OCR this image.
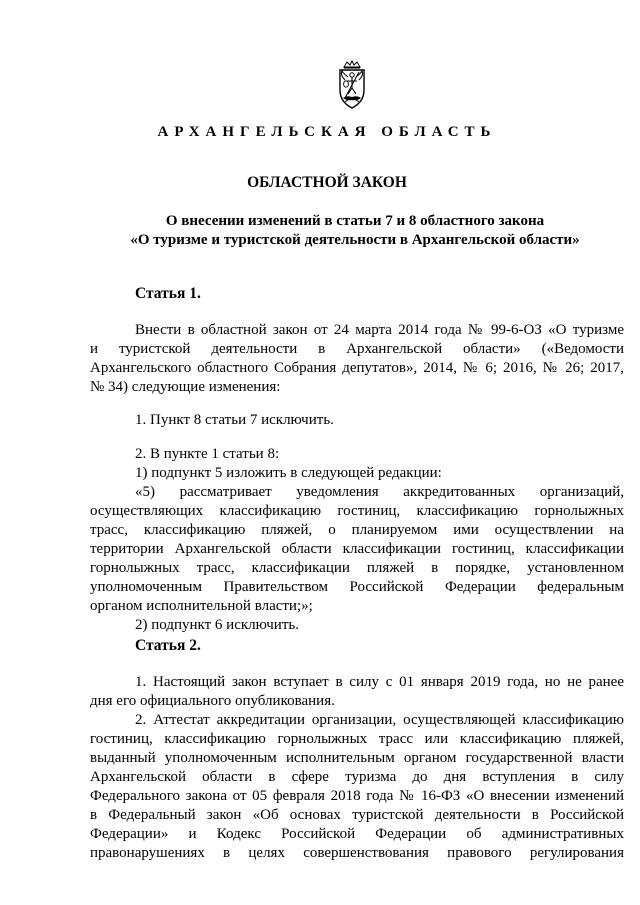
АРХАНГЕЛЬСКАЯ ОБЛАСТЬ
ОБЛАСТНОЙ ЗАКОН
О внесении изменений в статьи 7 и 8 областного закона
«О туризме и туристской деятельности в Архангельской области»
Статья 1.
Внести в областной закон от 24 марта 2014 года № 99-6-ОЗ «О туризме
и туристской деятельности в Архангельской области» («Ведомости
Архангельского областного Собрания депутатов», 2014, № 6; 2016, № 26; 2017,
№ 34) следующие изменения:
1. Пункт 8 статьи 7 исключить.
2. В пункте 1 статьи 8:
1) подпункт 5 изложить в следующей редакции:
«5) рассматривает уведомления аккредитованных организаций,
осуществляющих классификацию гостиниц, классификацию горнолыжных
трасс, классификацию пляжей, о планируемом ими осуществлении на
территории Архангельской области классификации гостиниц, классификации
горнолыжных трасс, классификации пляжей в порядке, установленном
уполномоченным Правительством Российской Федерации федеральным
органом исполнительной власти;»;
2) подпункт 6 исключить.
Статья 2.
1. Настоящий закон вступает в силу с 01 января 2019 года, но не ранее
дня его официального опубликования.
2. Аттестат аккредитации организации, осуществляющей классификацию
гостиниц, классификацию горнолыжных трасс или классификацию пляжей,
выданный уполномоченным исполнительным органом государственной власти
Архангельской области в сфере туризма до дня вступления в силу
Федерального закона от 05 февраля 2018 года № 16-ФЗ «О внесении изменений
в Федеральный закон «Об основах туристской деятельности в Российской
Федерации» и Кодекс Российской Федерации об административных
правонарушениях в целях совершенствования правового регулирования
